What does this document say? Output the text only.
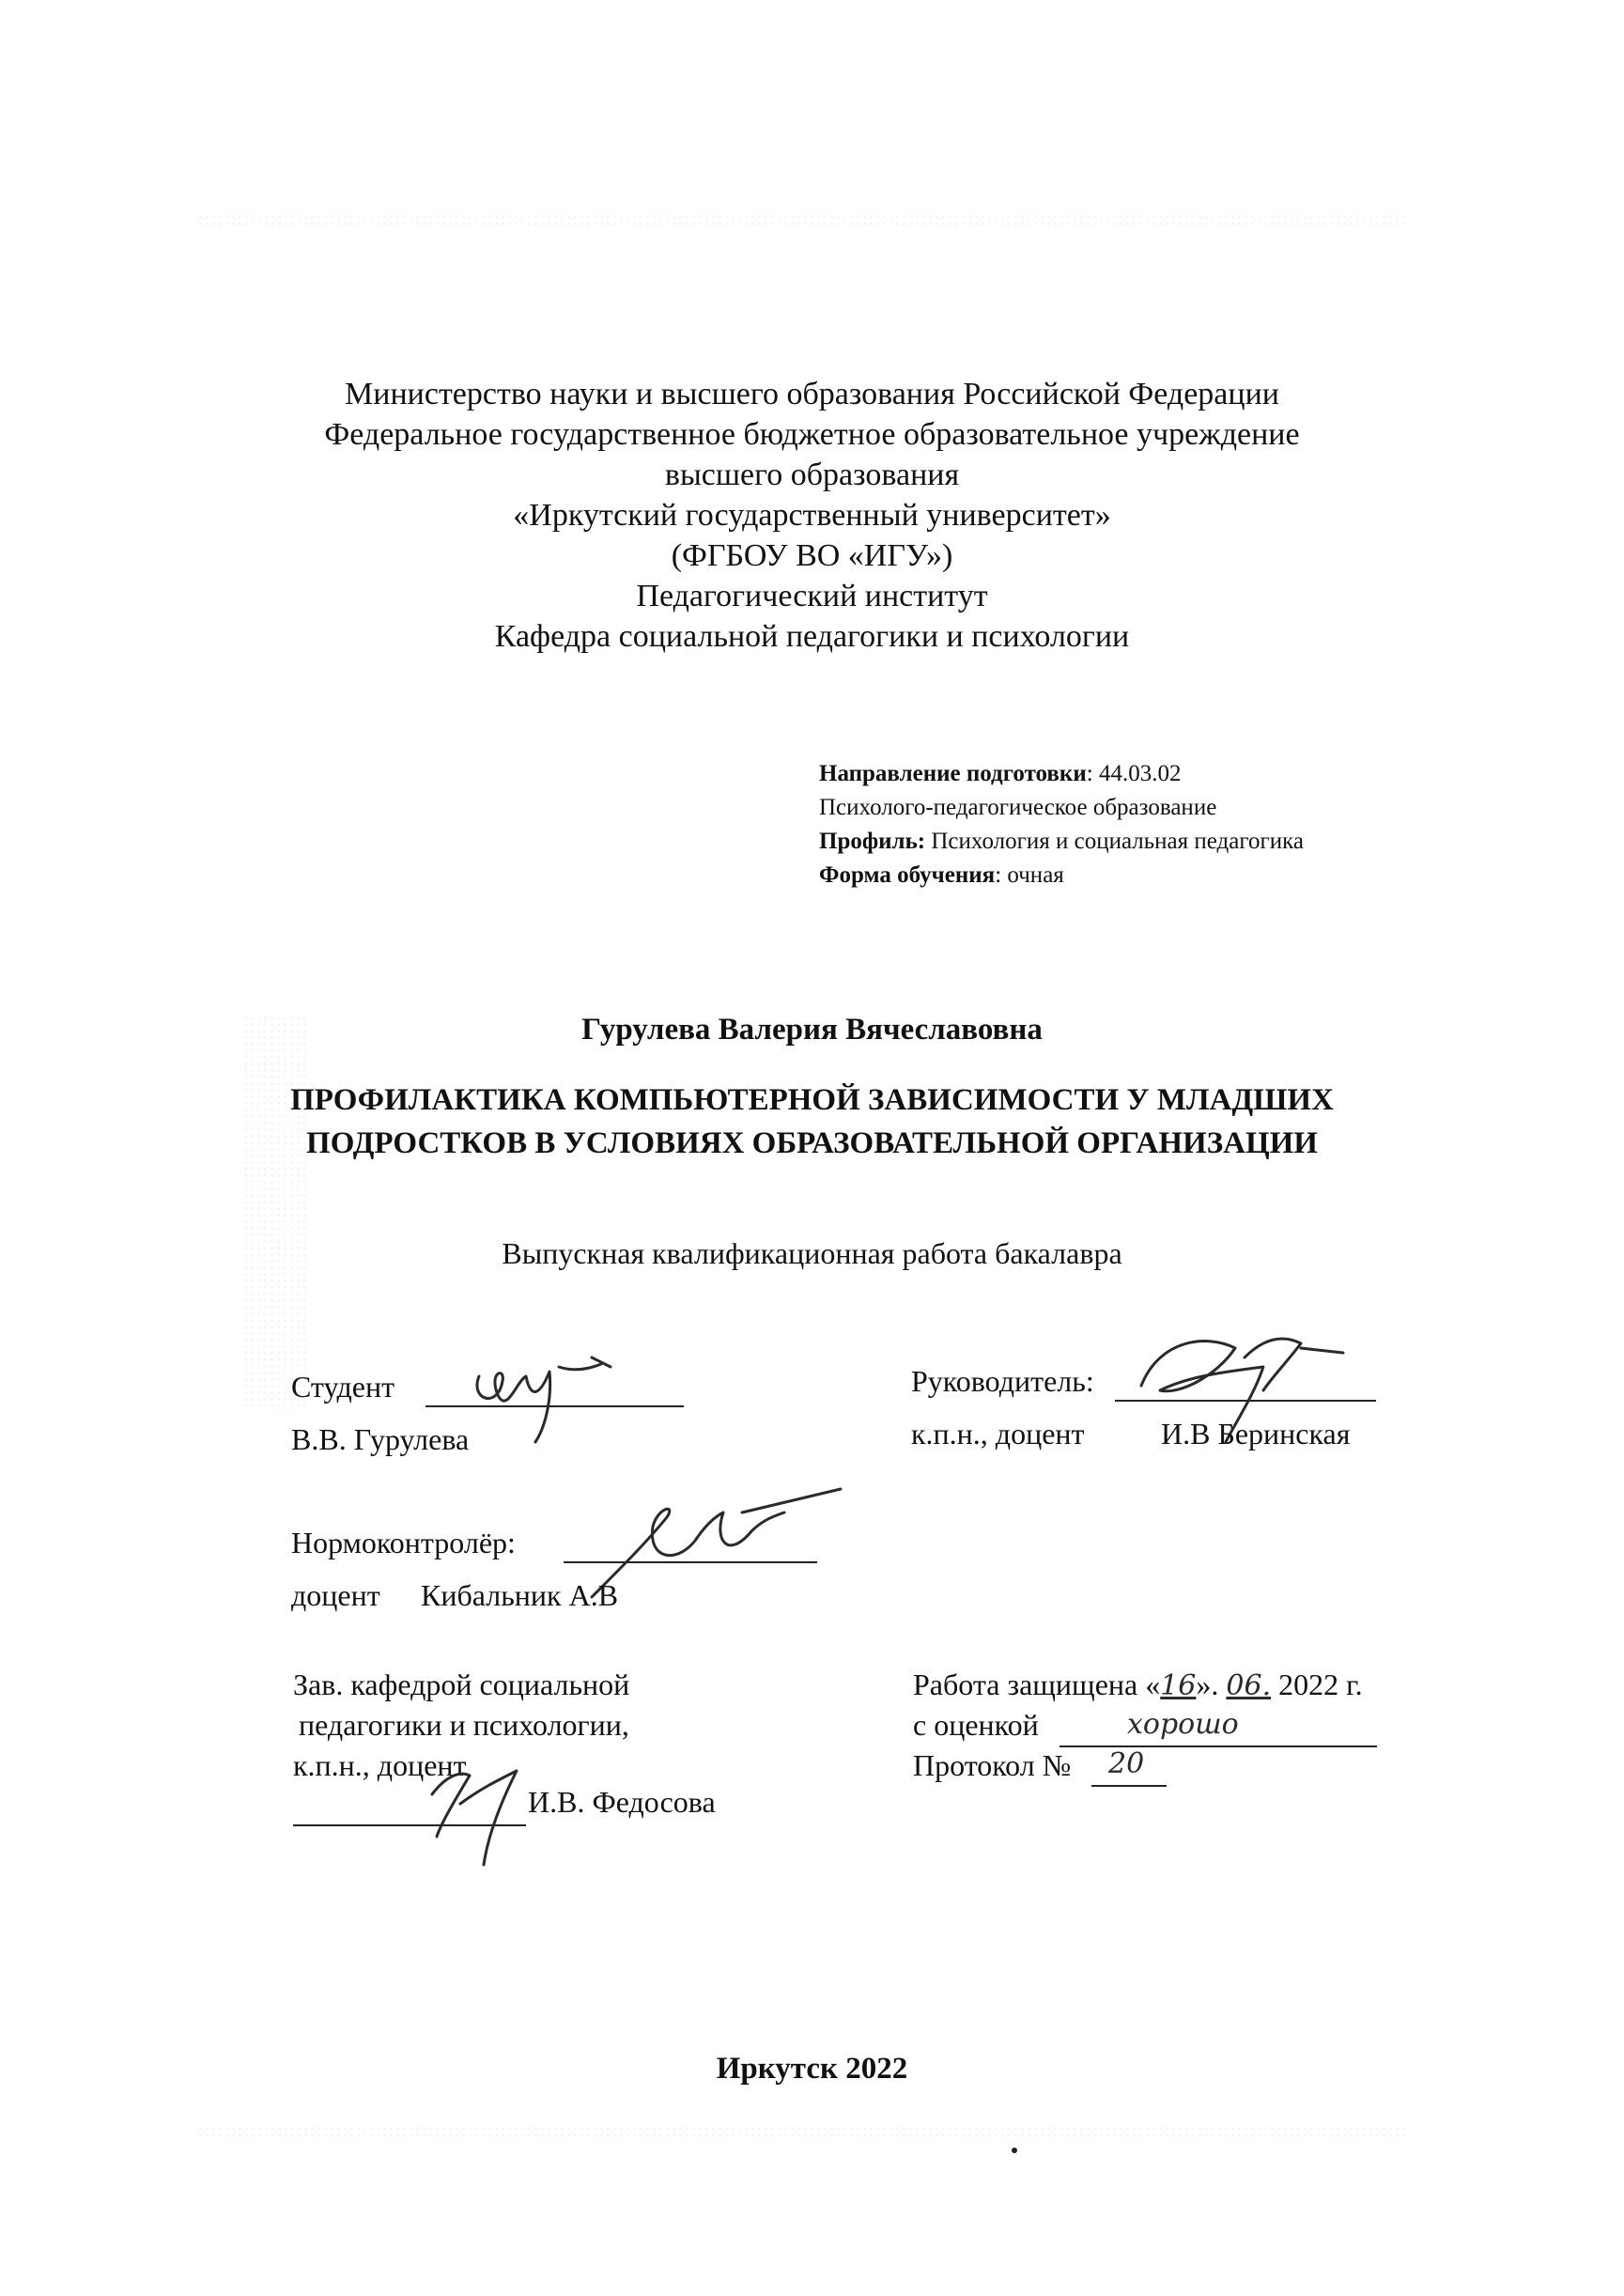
Министерство науки и высшего образования Российской Федерации
Федеральное государственное бюджетное образовательное учреждение
высшего образования
«Иркутский государственный университет»
(ФГБОУ ВО «ИГУ»)
Педагогический институт
Кафедра социальной педагогики и психологии
Направление подготовки: 44.03.02
Психолого-педагогическое образование
Профиль: Психология и социальная педагогика
Форма обучения: очная
Гурулева Валерия Вячеславовна
ПРОФИЛАКТИКА КОМПЬЮТЕРНОЙ ЗАВИСИМОСТИ У МЛАДШИХ
ПОДРОСТКОВ В УСЛОВИЯХ ОБРАЗОВАТЕЛЬНОЙ ОРГАНИЗАЦИИ
Выпускная квалификационная работа бакалавра
Студент
В.В. Гурулева
Руководитель:
к.п.н., доцент	И.В Беринская
Нормоконтролёр:
доцент Кибальник А.В
Зав. кафедрой социальной
педагогики и психологии,
к.п.н., доцент
И.В. Федосова
Работа защищена «16». 06. 2022 г.
с оценкой	хорошо
Протокол № 20
Иркутск 2022
